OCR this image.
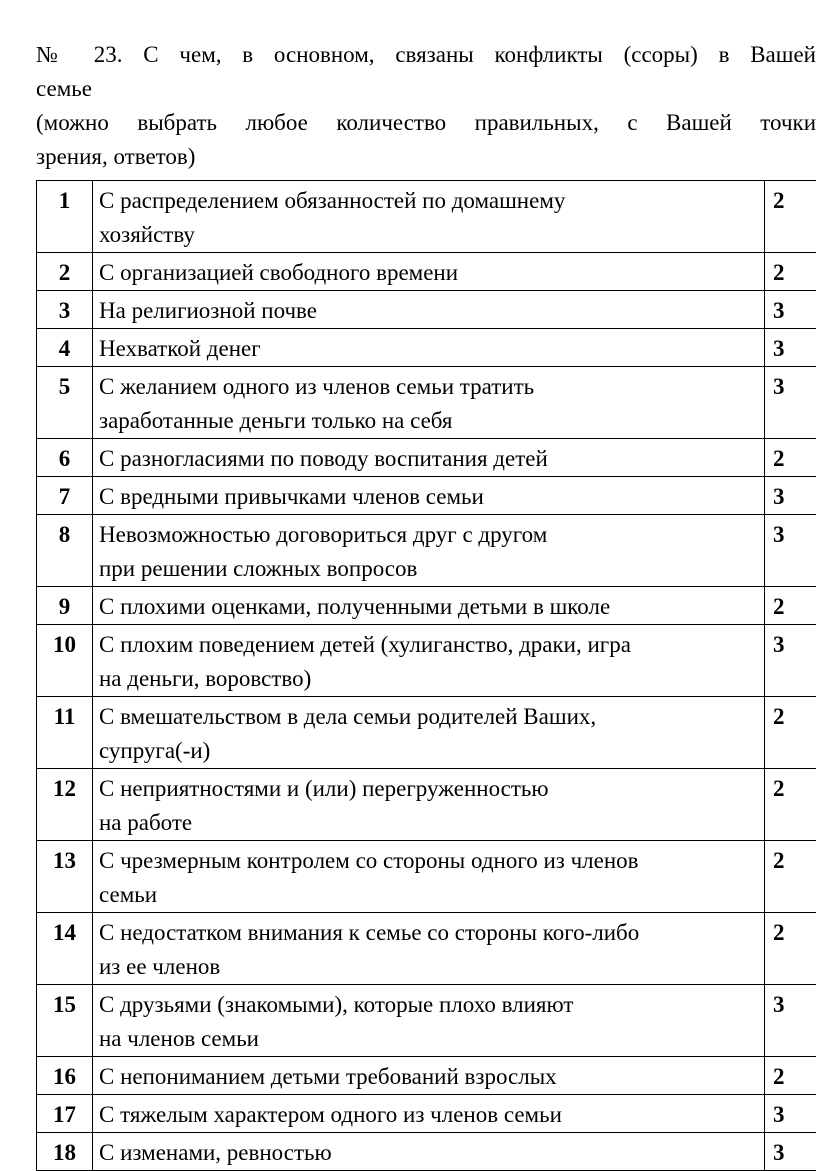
№ 23. С чем, в основном, связаны конфликты (ссоры) в Вашей

семье

(можно выбрать любое количество правильных, с Вашей точки

зрения, ответов)

1	С распределением обязанностей по домашнему
хозяйству	2
2	С организацией свободного времени	2
3	На религиозной почве	3
4	Нехваткой денег	3
5	С желанием одного из членов семьи тратить
заработанные деньги только на себя	3
6	С разногласиями по поводу воспитания детей	2
7	С вредными привычками членов семьи	3
8	Невозможностью договориться друг с другом
при решении сложных вопросов	3
9	С плохими оценками, полученными детьми в школе	2
10	С плохим поведением детей (хулиганство, драки, игра
на деньги, воровство)	3
11	С вмешательством в дела семьи родителей Ваших,
супруга(-и)	2
12	С неприятностями и (или) перегруженностью
на работе	2
13	С чрезмерным контролем со стороны одного из членов
семьи	2
14	С недостатком внимания к семье со стороны кого-либо
из ее членов	2
15	С друзьями (знакомыми), которые плохо влияют
на членов семьи	3
16	С непониманием детьми требований взрослых	2
17	С тяжелым характером одного из членов семьи	3
18	С изменами, ревностью	3
